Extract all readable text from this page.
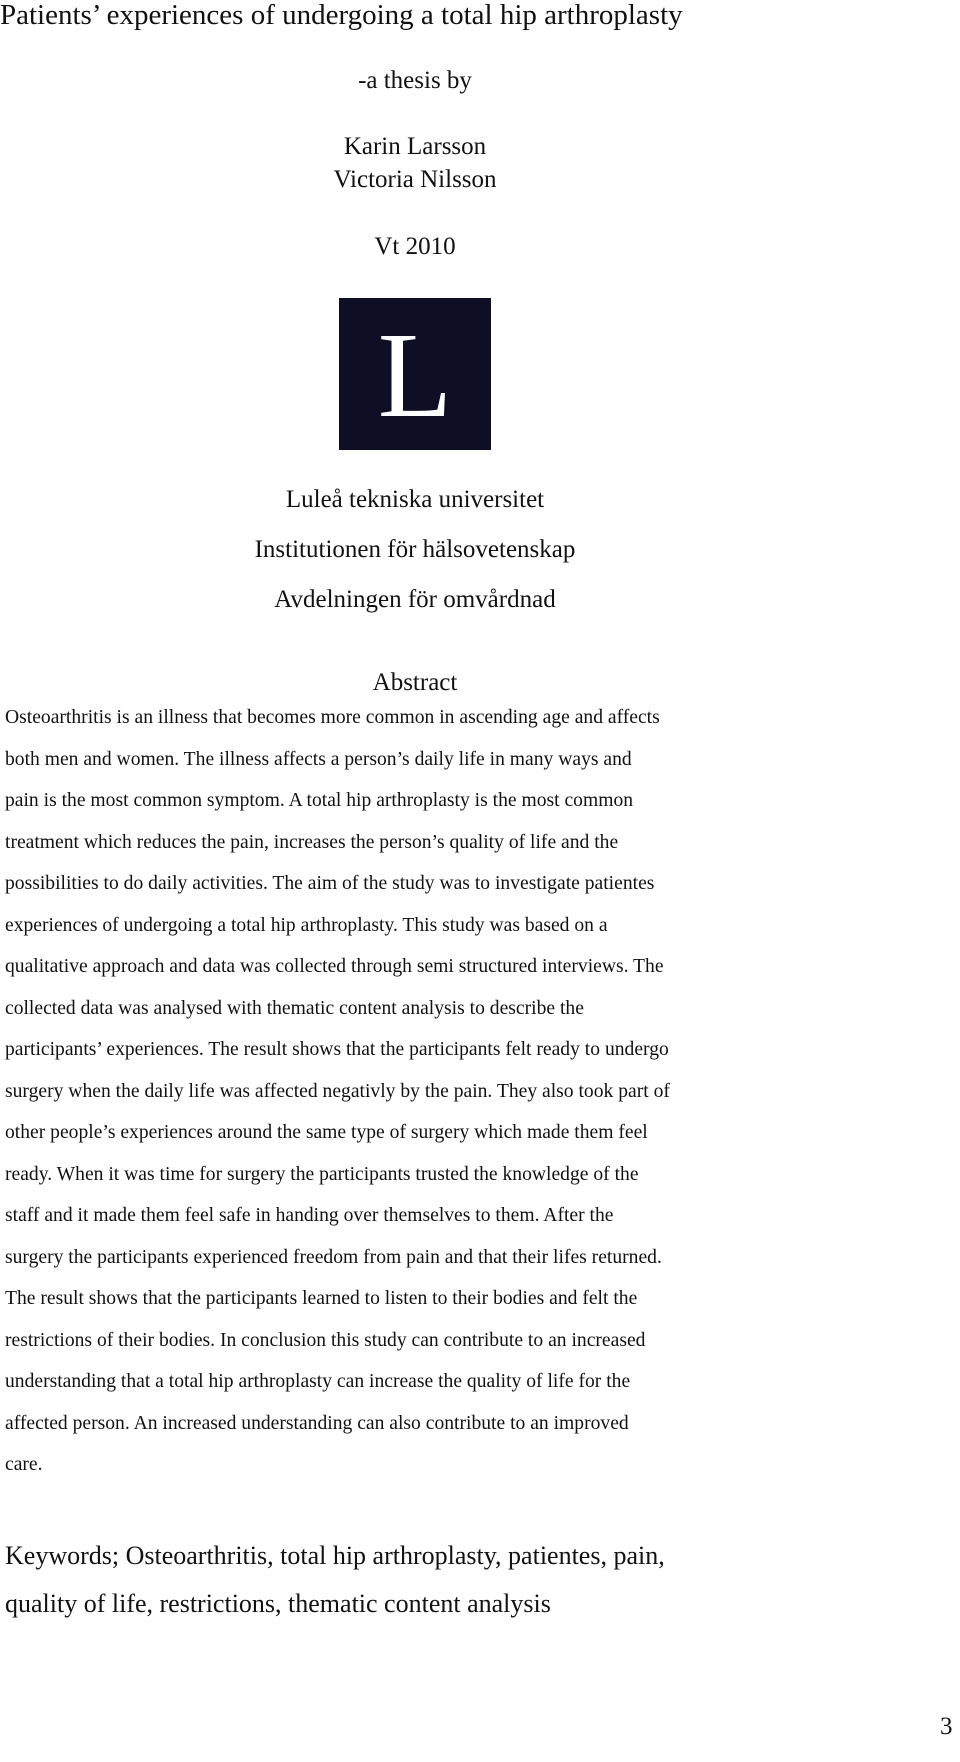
Patients’ experiences of undergoing a total hip arthroplasty
-a thesis by
Karin Larsson
Victoria Nilsson
Vt 2010
L
Luleå tekniska universitet
Institutionen för hälsovetenskap
Avdelningen för omvårdnad
Abstract
Osteoarthritis is an illness that becomes more common in ascending age and affects
both men and women. The illness affects a person’s daily life in many ways and
pain is the most common symptom. A total hip arthroplasty is the most common
treatment which reduces the pain, increases the person’s quality of life and the
possibilities to do daily activities. The aim of the study was to investigate patientes
experiences of undergoing a total hip arthroplasty. This study was based on a
qualitative approach and data was collected through semi structured interviews. The
collected data was analysed with thematic content analysis to describe the
participants’ experiences. The result shows that the participants felt ready to undergo
surgery when the daily life was affected negativly by the pain. They also took part of
other people’s experiences around the same type of surgery which made them feel
ready. When it was time for surgery the participants trusted the knowledge of the
staff and it made them feel safe in handing over themselves to them. After the
surgery the participants experienced freedom from pain and that their lifes returned.
The result shows that the participants learned to listen to their bodies and felt the
restrictions of their bodies. In conclusion this study can contribute to an increased
understanding that a total hip arthroplasty can increase the quality of life for the
affected person. An increased understanding can also contribute to an improved
care.
Keywords; Osteoarthritis, total hip arthroplasty, patientes, pain,
quality of life, restrictions, thematic content analysis
3
